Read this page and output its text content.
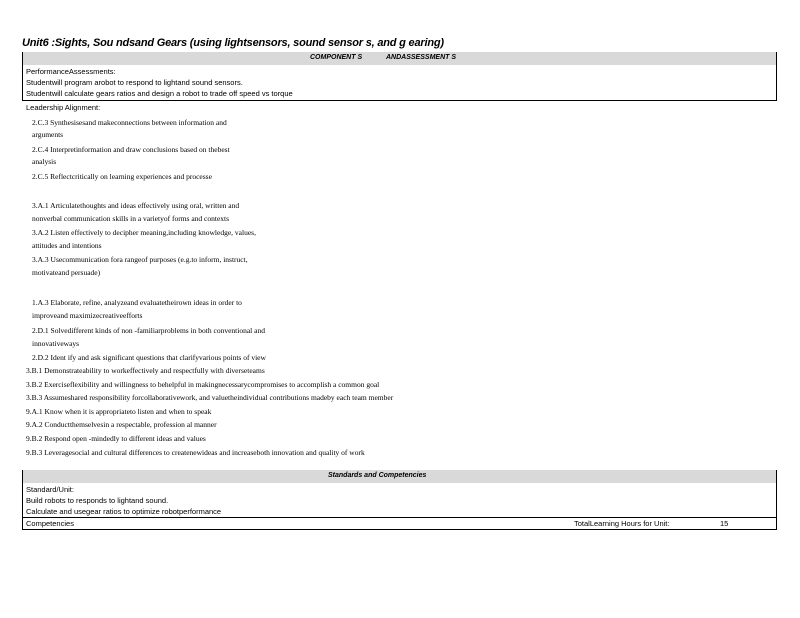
Unit6 :Sights, Sou ndsand Gears (using lightsensors, sound sensor s, and g earing)
COMPONENT S	ANDASSESSMENT S
PerformanceAssessments:
Studentwill program arobot to respond to lightand sound sensors.
Studentwill calculate gears ratios and design a robot to trade off speed vs torque
Leadership Alignment:
2.C.3 Synthesisesand makeconnections between information and
arguments
2.C.4 Interpretinformation and draw conclusions based on thebest
analysis
2.C.5 Reflectcritically on learning experiences and processe
3.A.1 Articulatethoughts and ideas effectively using oral, written and
nonverbal communication skills in a varietyof forms and contexts
3.A.2 Listen effectively to decipher meaning,including knowledge, values,
attitudes and intentions
3.A.3 Usecommunication fora rangeof purposes (e.g.to inform, instruct,
motivateand persuade)
1.A.3 Elaborate, refine, analyzeand evaluatetheirown ideas in order to
improveand maximizecreativeefforts
2.D.1 Solvedifferent kinds of non -familiarproblems in both conventional and
innovativeways
2.D.2 Ident ify and ask significant questions that clarifyvarious points of view
3.B.1 Demonstrateability to workeffectively and respectfully with diverseteams
3.B.2 Exerciseflexibility and willingness to behelpful in makingnecessarycompromises to accomplish a common goal
3.B.3 Assumeshared responsibility forcollaborativework, and valuetheindividual contributions madeby each team member
9.A.1 Know when it is appropriateto listen and when to speak
9.A.2 Conductthemselvesin a respectable, profession al manner
9.B.2 Respond open -mindedly to different ideas and values
9.B.3 Leveragesocial and cultural differences to createnewideas and increaseboth innovation and quality of work
Standards and Competencies
Standard/Unit:
Build robots to responds to lightand sound.
Calculate and usegear ratios to optimize robotperformance
Competencies	TotalLearning Hours for Unit:	15
